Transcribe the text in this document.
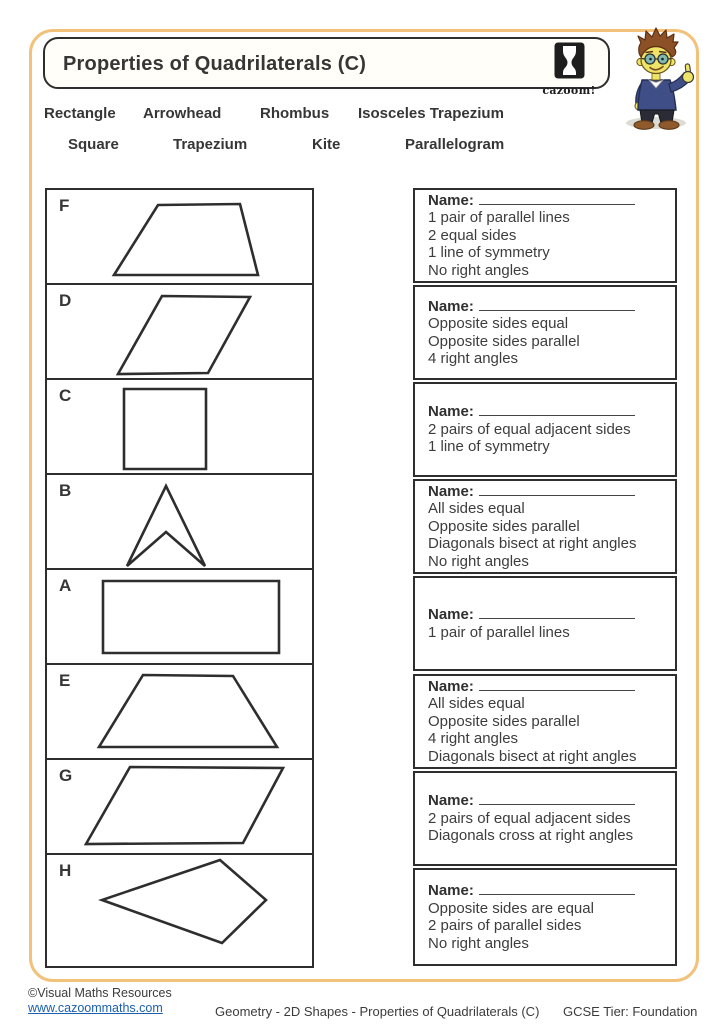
Properties of Quadrilaterals (C)
cazoom!
Rectangle Arrowhead	Rhombus Isosceles Trapezium
Square	Trapezium	Kite	Parallelogram
F
D
C
B
A
E
G
H
Name:
1 pair of parallel lines
2 equal sides
1 line of symmetry
No right angles
Name:
Opposite sides equal
Opposite sides parallel
4 right angles
Name:
2 pairs of equal adjacent sides
1 line of symmetry
Name:
All sides equal
Opposite sides parallel
Diagonals bisect at right angles
No right angles
Name:
1 pair of parallel lines
Name:
All sides equal
Opposite sides parallel
4 right angles
Diagonals bisect at right angles
Name:
2 pairs of equal adjacent sides
Diagonals cross at right angles
Name:
Opposite sides are equal
2 pairs of parallel sides
No right angles
©Visual Maths Resources
www.cazoommaths.com	Geometry - 2D Shapes - Properties of Quadrilaterals (C) GCSE Tier: Foundation
